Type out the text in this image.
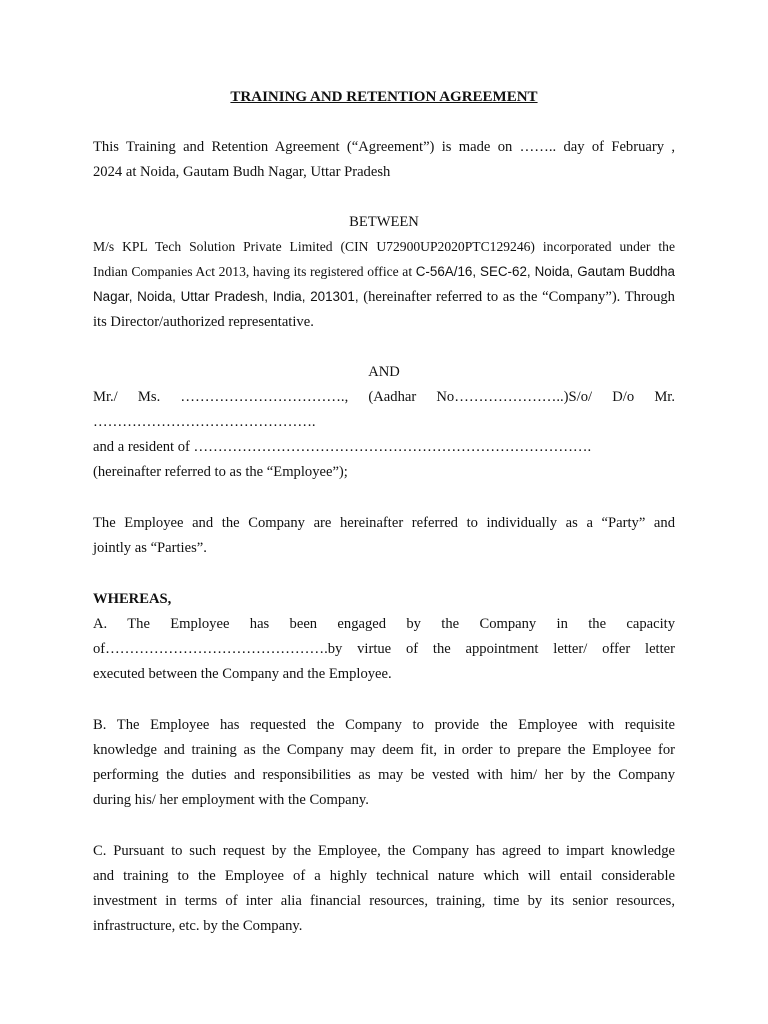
TRAINING AND RETENTION AGREEMENT
This Training and Retention Agreement (“Agreement”) is made on …….. day of February ,
2024 at Noida, Gautam Budh Nagar, Uttar Pradesh
BETWEEN
M/s KPL Tech Solution Private Limited (CIN U72900UP2020PTC129246) incorporated under the
Indian Companies Act 2013, having its registered office at C-56A/16, SEC-62, Noida, Gautam Buddha
Nagar, Noida, Uttar Pradesh, India, 201301, (hereinafter referred to as the “Company”). Through
its Director/authorized representative.
AND
Mr./ Ms. ……………………………., (Aadhar No…………………..)S/o/ D/o Mr.
……………………………………….
and a resident of ……………………………………………………………………….
(hereinafter referred to as the “Employee”);
The Employee and the Company are hereinafter referred to individually as a “Party” and
jointly as “Parties”.
WHEREAS,
A. The Employee has been engaged by the Company in the capacity
of……………………………………….by virtue of the appointment letter/ offer letter
executed between the Company and the Employee.
B. The Employee has requested the Company to provide the Employee with requisite
knowledge and training as the Company may deem fit, in order to prepare the Employee for
performing the duties and responsibilities as may be vested with him/ her by the Company
during his/ her employment with the Company.
C. Pursuant to such request by the Employee, the Company has agreed to impart knowledge
and training to the Employee of a highly technical nature which will entail considerable
investment in terms of inter alia financial resources, training, time by its senior resources,
infrastructure, etc. by the Company.
